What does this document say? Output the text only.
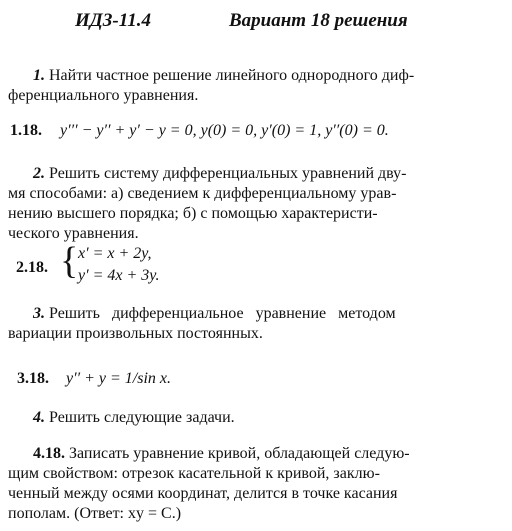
ИДЗ-11.4	Вариант 18 решения
1. Найти частное решение линейного однородного диф-
ференциального уравнения.
1.18. y′′′ − y′′ + y′ − y = 0, y(0) = 0, y′(0) = 1, y′′(0) = 0.
2. Решить систему дифференциальных уравнений дву-
мя способами: а) сведением к дифференциальному урав-
нению высшего порядка; б) с помощью характеристи-
ческого уравнения.
2.18. { x′ = x + 2y,
y′ = 4x + 3y.
3. Решить   дифференциальное   уравнение   методом
вариации произвольных постоянных.
3.18. y′′ + y = 1/sin x.
4. Решить следующие задачи.
4.18. Записать уравнение кривой, обладающей следую-
щим свойством: отрезок касательной к кривой, заклю-
ченный между осями координат, делится в точке касания
пополам. (Ответ: xy = C.)
